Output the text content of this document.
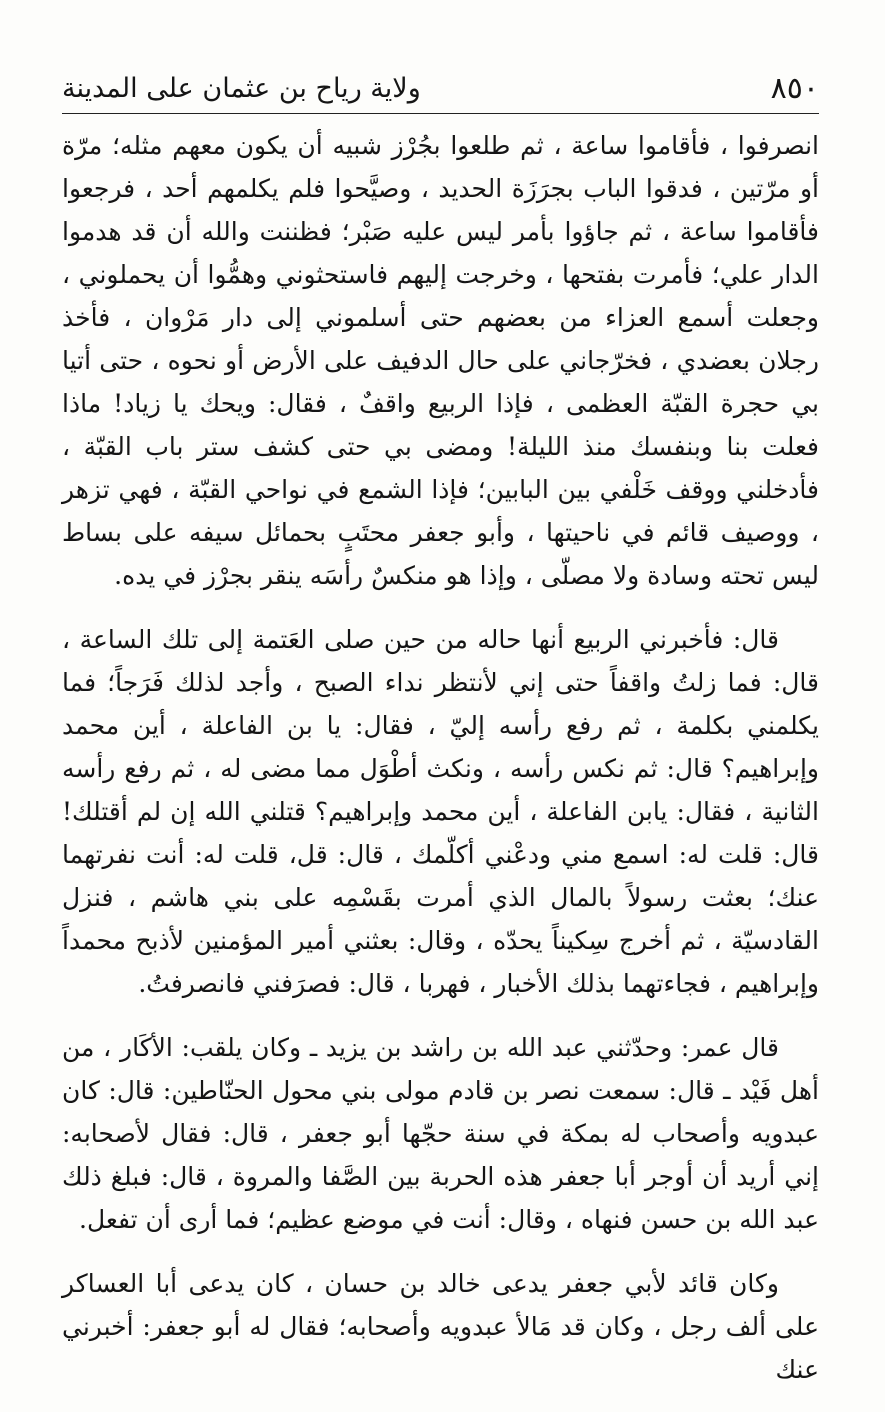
٨٥٠
ولاية رياح بن عثمان على المدينة

انصرفوا ، فأقاموا ساعة ، ثم طلعوا بجُرْز شبيه أن يكون معهم مثله؛ مرّة أو مرّتين ، فدقوا الباب بجرَزَة الحديد ، وصيَّحوا فلم يكلمهم أحد ، فرجعوا فأقاموا ساعة ، ثم جاؤوا بأمر ليس عليه صَبْر؛ فظننت والله أن قد هدموا الدار علي؛ فأمرت بفتحها ، وخرجت إليهم فاستحثوني وهمُّوا أن يحملوني ، وجعلت أسمع العزاء من بعضهم حتى أسلموني إلى دار مَرْوان ، فأخذ رجلان بعضدي ، فخرّجاني على حال الدفيف على الأرض أو نحوه ، حتى أتيا بي حجرة القبّة العظمى ، فإذا الربيع واقفٌ ، فقال: ويحك يا زياد! ماذا فعلت بنا وبنفسك منذ الليلة! ومضى بي حتى كشف ستر باب القبّة ، فأدخلني ووقف خَلْفي بين البابين؛ فإذا الشمع في نواحي القبّة ، فهي تزهر ، ووصيف قائم في ناحيتها ، وأبو جعفر محتَبٍ بحمائل سيفه على بساط ليس تحته وسادة ولا مصلّى ، وإذا هو منكسٌ رأسَه ينقر بجرْز في يده.

قال: فأخبرني الربيع أنها حاله من حين صلى العَتمة إلى تلك الساعة ، قال: فما زلتُ واقفاً حتى إني لأنتظر نداء الصبح ، وأجد لذلك فَرَجاً؛ فما يكلمني بكلمة ، ثم رفع رأسه إليّ ، فقال: يا بن الفاعلة ، أين محمد وإبراهيم؟ قال: ثم نكس رأسه ، ونكث أطْوَل مما مضى له ، ثم رفع رأسه الثانية ، فقال: يابن الفاعلة ، أين محمد وإبراهيم؟ قتلني الله إن لم أقتلك! قال: قلت له: اسمع مني ودعْني أكلّمك ، قال: قل، قلت له: أنت نفرتهما عنك؛ بعثت رسولاً بالمال الذي أمرت بقَسْمِه على بني هاشم ، فنزل القادسيّة ، ثم أخرج سِكيناً يحدّه ، وقال: بعثني أمير المؤمنين لأذبح محمداً وإبراهيم ، فجاءتهما بذلك الأخبار ، فهربا ، قال: فصرَفني فانصرفتُ.

قال عمر: وحدّثني عبد الله بن راشد بن يزيد ـ وكان يلقب: الأكَار ، من أهل فَيْد ـ قال: سمعت نصر بن قادم مولى بني محول الحنّاطين: قال: كان عبدويه وأصحاب له بمكة في سنة حجّها أبو جعفر ، قال: فقال لأصحابه: إني أريد أن أوجر أبا جعفر هذه الحربة بين الصَّفا والمروة ، قال: فبلغ ذلك عبد الله بن حسن فنهاه ، وقال: أنت في موضع عظيم؛ فما أرى أن تفعل.

وكان قائد لأبي جعفر يدعى خالد بن حسان ، كان يدعى أبا العساكر على ألف رجل ، وكان قد مَالأ عبدويه وأصحابه؛ فقال له أبو جعفر: أخبرني عنك
